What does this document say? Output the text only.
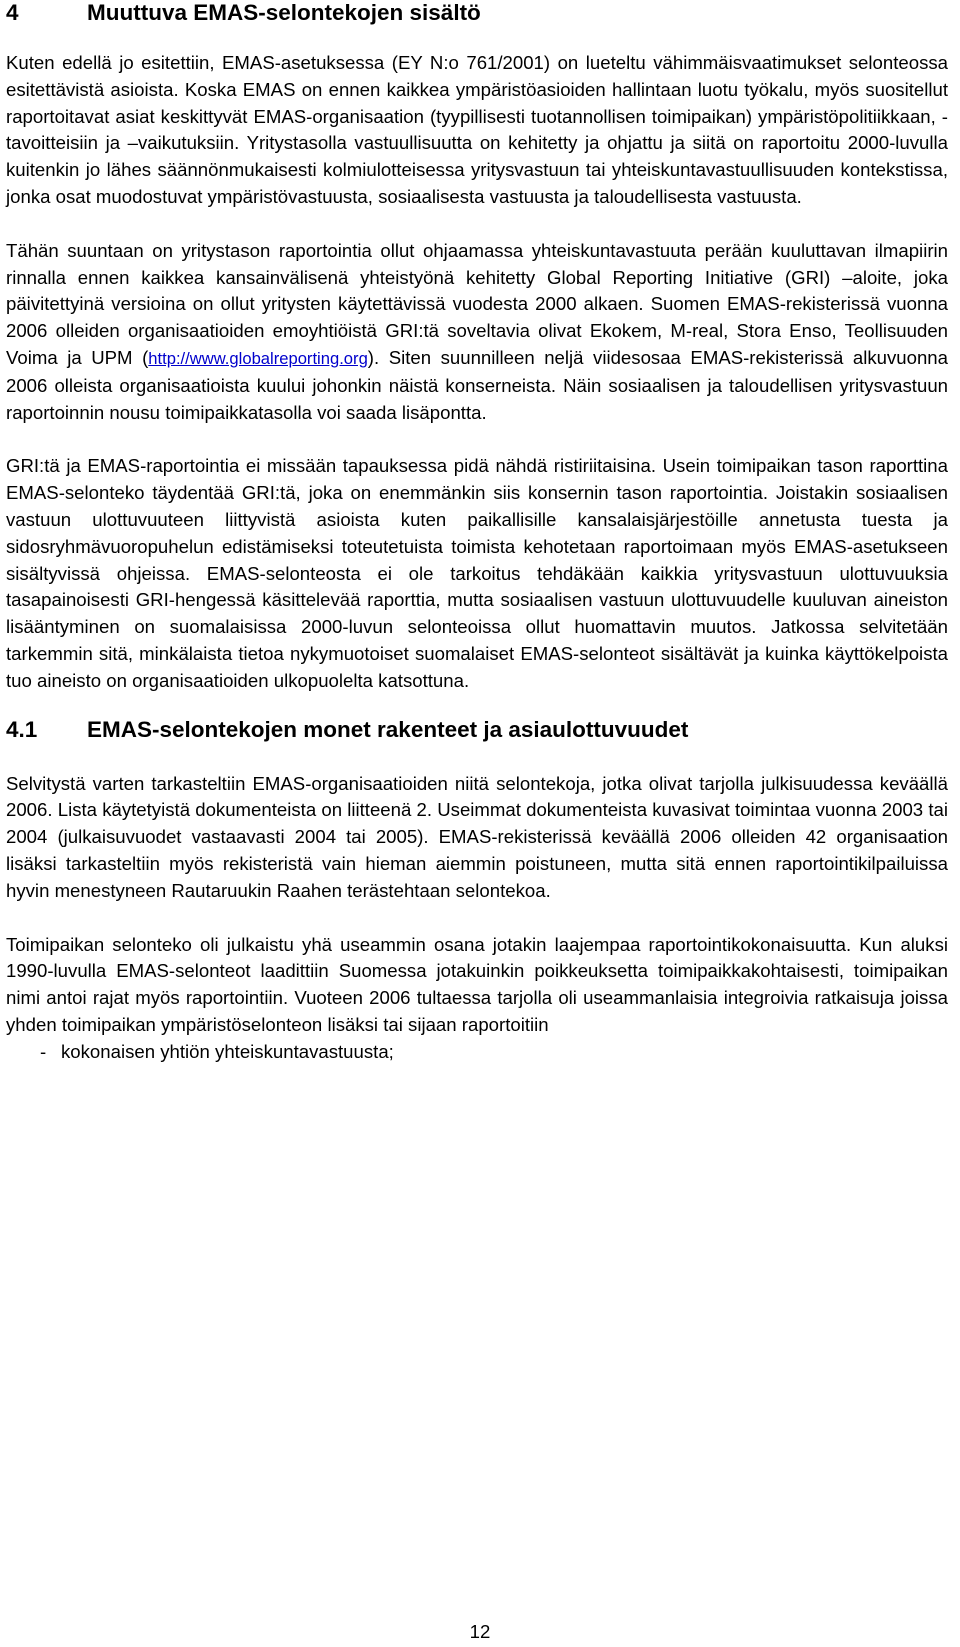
4	Muuttuva EMAS-selontekojen sisältö

Kuten edellä jo esitettiin, EMAS-asetuksessa (EY N:o 761/2001) on lueteltu vähimmäisvaatimukset selonteossa esitettävistä asioista. Koska EMAS on ennen kaikkea ympäristöasioiden hallintaan luotu työkalu, myös suositellut raportoitavat asiat keskittyvät EMAS-organisaation (tyypillisesti tuotannollisen toimipaikan) ympäristöpolitiikkaan, -tavoitteisiin ja –vaikutuksiin. Yritystasolla vastuullisuutta on kehitetty ja ohjattu ja siitä on raportoitu 2000-luvulla kuitenkin jo lähes säännönmukaisesti kolmiulotteisessa yritysvastuun tai yhteiskuntavastuullisuuden kontekstissa, jonka osat muodostuvat ympäristövastuusta, sosiaalisesta vastuusta ja taloudellisesta vastuusta.

Tähän suuntaan on yritystason raportointia ollut ohjaamassa yhteiskuntavastuuta perään kuuluttavan ilmapiirin rinnalla ennen kaikkea kansainvälisenä yhteistyönä kehitetty Global Reporting Initiative (GRI) –aloite, joka päivitettyinä versioina on ollut yritysten käytettävissä vuodesta 2000 alkaen. Suomen EMAS-rekisterissä vuonna 2006 olleiden organisaatioiden emoyhtiöistä GRI:tä soveltavia olivat Ekokem, M-real, Stora Enso, Teollisuuden Voima ja UPM (http://www.globalreporting.org). Siten suunnilleen neljä viidesosaa EMAS-rekisterissä alkuvuonna 2006 olleista organisaatioista kuului johonkin näistä konserneista. Näin sosiaalisen ja taloudellisen yritysvastuun raportoinnin nousu toimipaikkatasolla voi saada lisäpontta.

GRI:tä ja EMAS-raportointia ei missään tapauksessa pidä nähdä ristiriitaisina. Usein toimipaikan tason raporttina EMAS-selonteko täydentää GRI:tä, joka on enemmänkin siis konsernin tason raportointia. Joistakin sosiaalisen vastuun ulottuvuuteen liittyvistä asioista kuten paikallisille kansalaisjärjestöille annetusta tuesta ja sidosryhmävuoropuhelun edistämiseksi toteutetuista toimista kehotetaan raportoimaan myös EMAS-asetukseen sisältyvissä ohjeissa. EMAS-selonteosta ei ole tarkoitus tehdäkään kaikkia yritysvastuun ulottuvuuksia tasapainoisesti GRI-hengessä käsittelevää raporttia, mutta sosiaalisen vastuun ulottuvuudelle kuuluvan aineiston lisääntyminen on suomalaisissa 2000-luvun selonteoissa ollut huomattavin muutos. Jatkossa selvitetään tarkemmin sitä, minkälaista tietoa nykymuotoiset suomalaiset EMAS-selonteot sisältävät ja kuinka käyttökelpoista tuo aineisto on organisaatioiden ulkopuolelta katsottuna.

4.1	EMAS-selontekojen monet rakenteet ja asiaulottuvuudet

Selvitystä varten tarkasteltiin EMAS-organisaatioiden niitä selontekoja, jotka olivat tarjolla julkisuudessa keväällä 2006. Lista käytetyistä dokumenteista on liitteenä 2. Useimmat dokumenteista kuvasivat toimintaa vuonna 2003 tai 2004 (julkaisuvuodet vastaavasti 2004 tai 2005). EMAS-rekisterissä keväällä 2006 olleiden 42 organisaation lisäksi tarkasteltiin myös rekisteristä vain hieman aiemmin poistuneen, mutta sitä ennen raportointikilpailuissa hyvin menestyneen Rautaruukin Raahen terästehtaan selontekoa.

Toimipaikan selonteko oli julkaistu yhä useammin osana jotakin laajempaa raportointikokonaisuutta. Kun aluksi 1990-luvulla EMAS-selonteot laadittiin Suomessa jotakuinkin poikkeuksetta toimipaikkakohtaisesti, toimipaikan nimi antoi rajat myös raportointiin. Vuoteen 2006 tultaessa tarjolla oli useammanlaisia integroivia ratkaisuja joissa yhden toimipaikan ympäristöselonteon lisäksi tai sijaan raportoitiin

- kokonaisen yhtiön yhteiskuntavastuusta;
12
